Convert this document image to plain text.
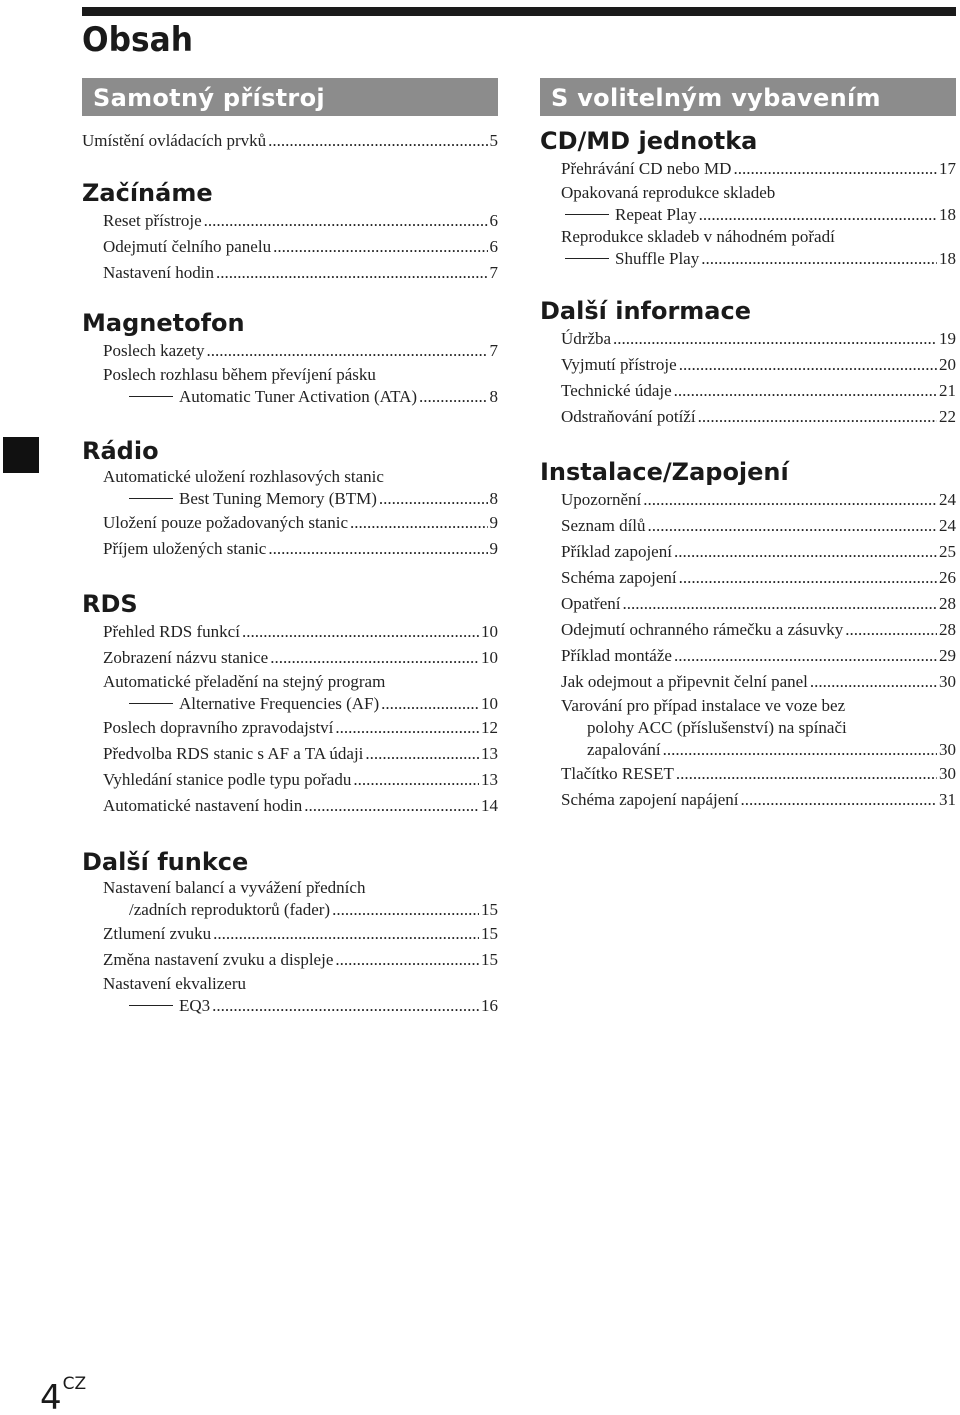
Obsah
Samotný přístroj
Umístění ovládacích prvků .....	5
Začínáme
Reset přístroje .....	6
Odejmutí čelního panelu .....	6
Nastavení hodin .....	7
Magnetofon
Poslech kazety .....	7
Poslech rozhlasu během převíjení pásku
Automatic Tuner Activation (ATA) .....	8
Rádio
Automatické uložení rozhlasových stanic
Best Tuning Memory (BTM) .....	8
Uložení pouze požadovaných stanic .....	9
Příjem uložených stanic .....	9
RDS
Přehled RDS funkcí .....	10
Zobrazení názvu stanice .....	10
Automatické přeladění na stejný program
Alternative Frequencies (AF) .....	10
Poslech dopravního zpravodajství .....	12
Předvolba RDS stanic s AF a TA údaji .....	13
Vyhledání stanice podle typu pořadu .....	13
Automatické nastavení hodin .....	14
Další funkce
Nastavení balancí a vyvážení předních
/zadních reproduktorů (fader) .....	15
Ztlumení zvuku .....	15
Změna nastavení zvuku a displeje .....	15
Nastavení ekvalizeru
EQ3 .....	16
S volitelným vybavením
CD/MD jednotka
Přehrávání CD nebo MD .....	17
Opakovaná reprodukce skladeb
Repeat Play .....	18
Reprodukce skladeb v náhodném pořadí
Shuffle Play .....	18
Další informace
Údržba .....	19
Vyjmutí přístroje .....	20
Technické údaje .....	21
Odstraňování potíží .....	22
Instalace/Zapojení
Upozornění .....	24
Seznam dílů .....	24
Příklad zapojení .....	25
Schéma zapojení .....	26
Opatření .....	28
Odejmutí ochranného rámečku a zásuvky .....	28
Příklad montáže .....	29
Jak odejmout a připevnit čelní panel .....	30
Varování pro případ instalace ve voze bez
polohy ACC (příslušenství) na spínači
zapalování .....	30
Tlačítko RESET .....	30
Schéma zapojení napájení .....	31
$4^{CZ}$
